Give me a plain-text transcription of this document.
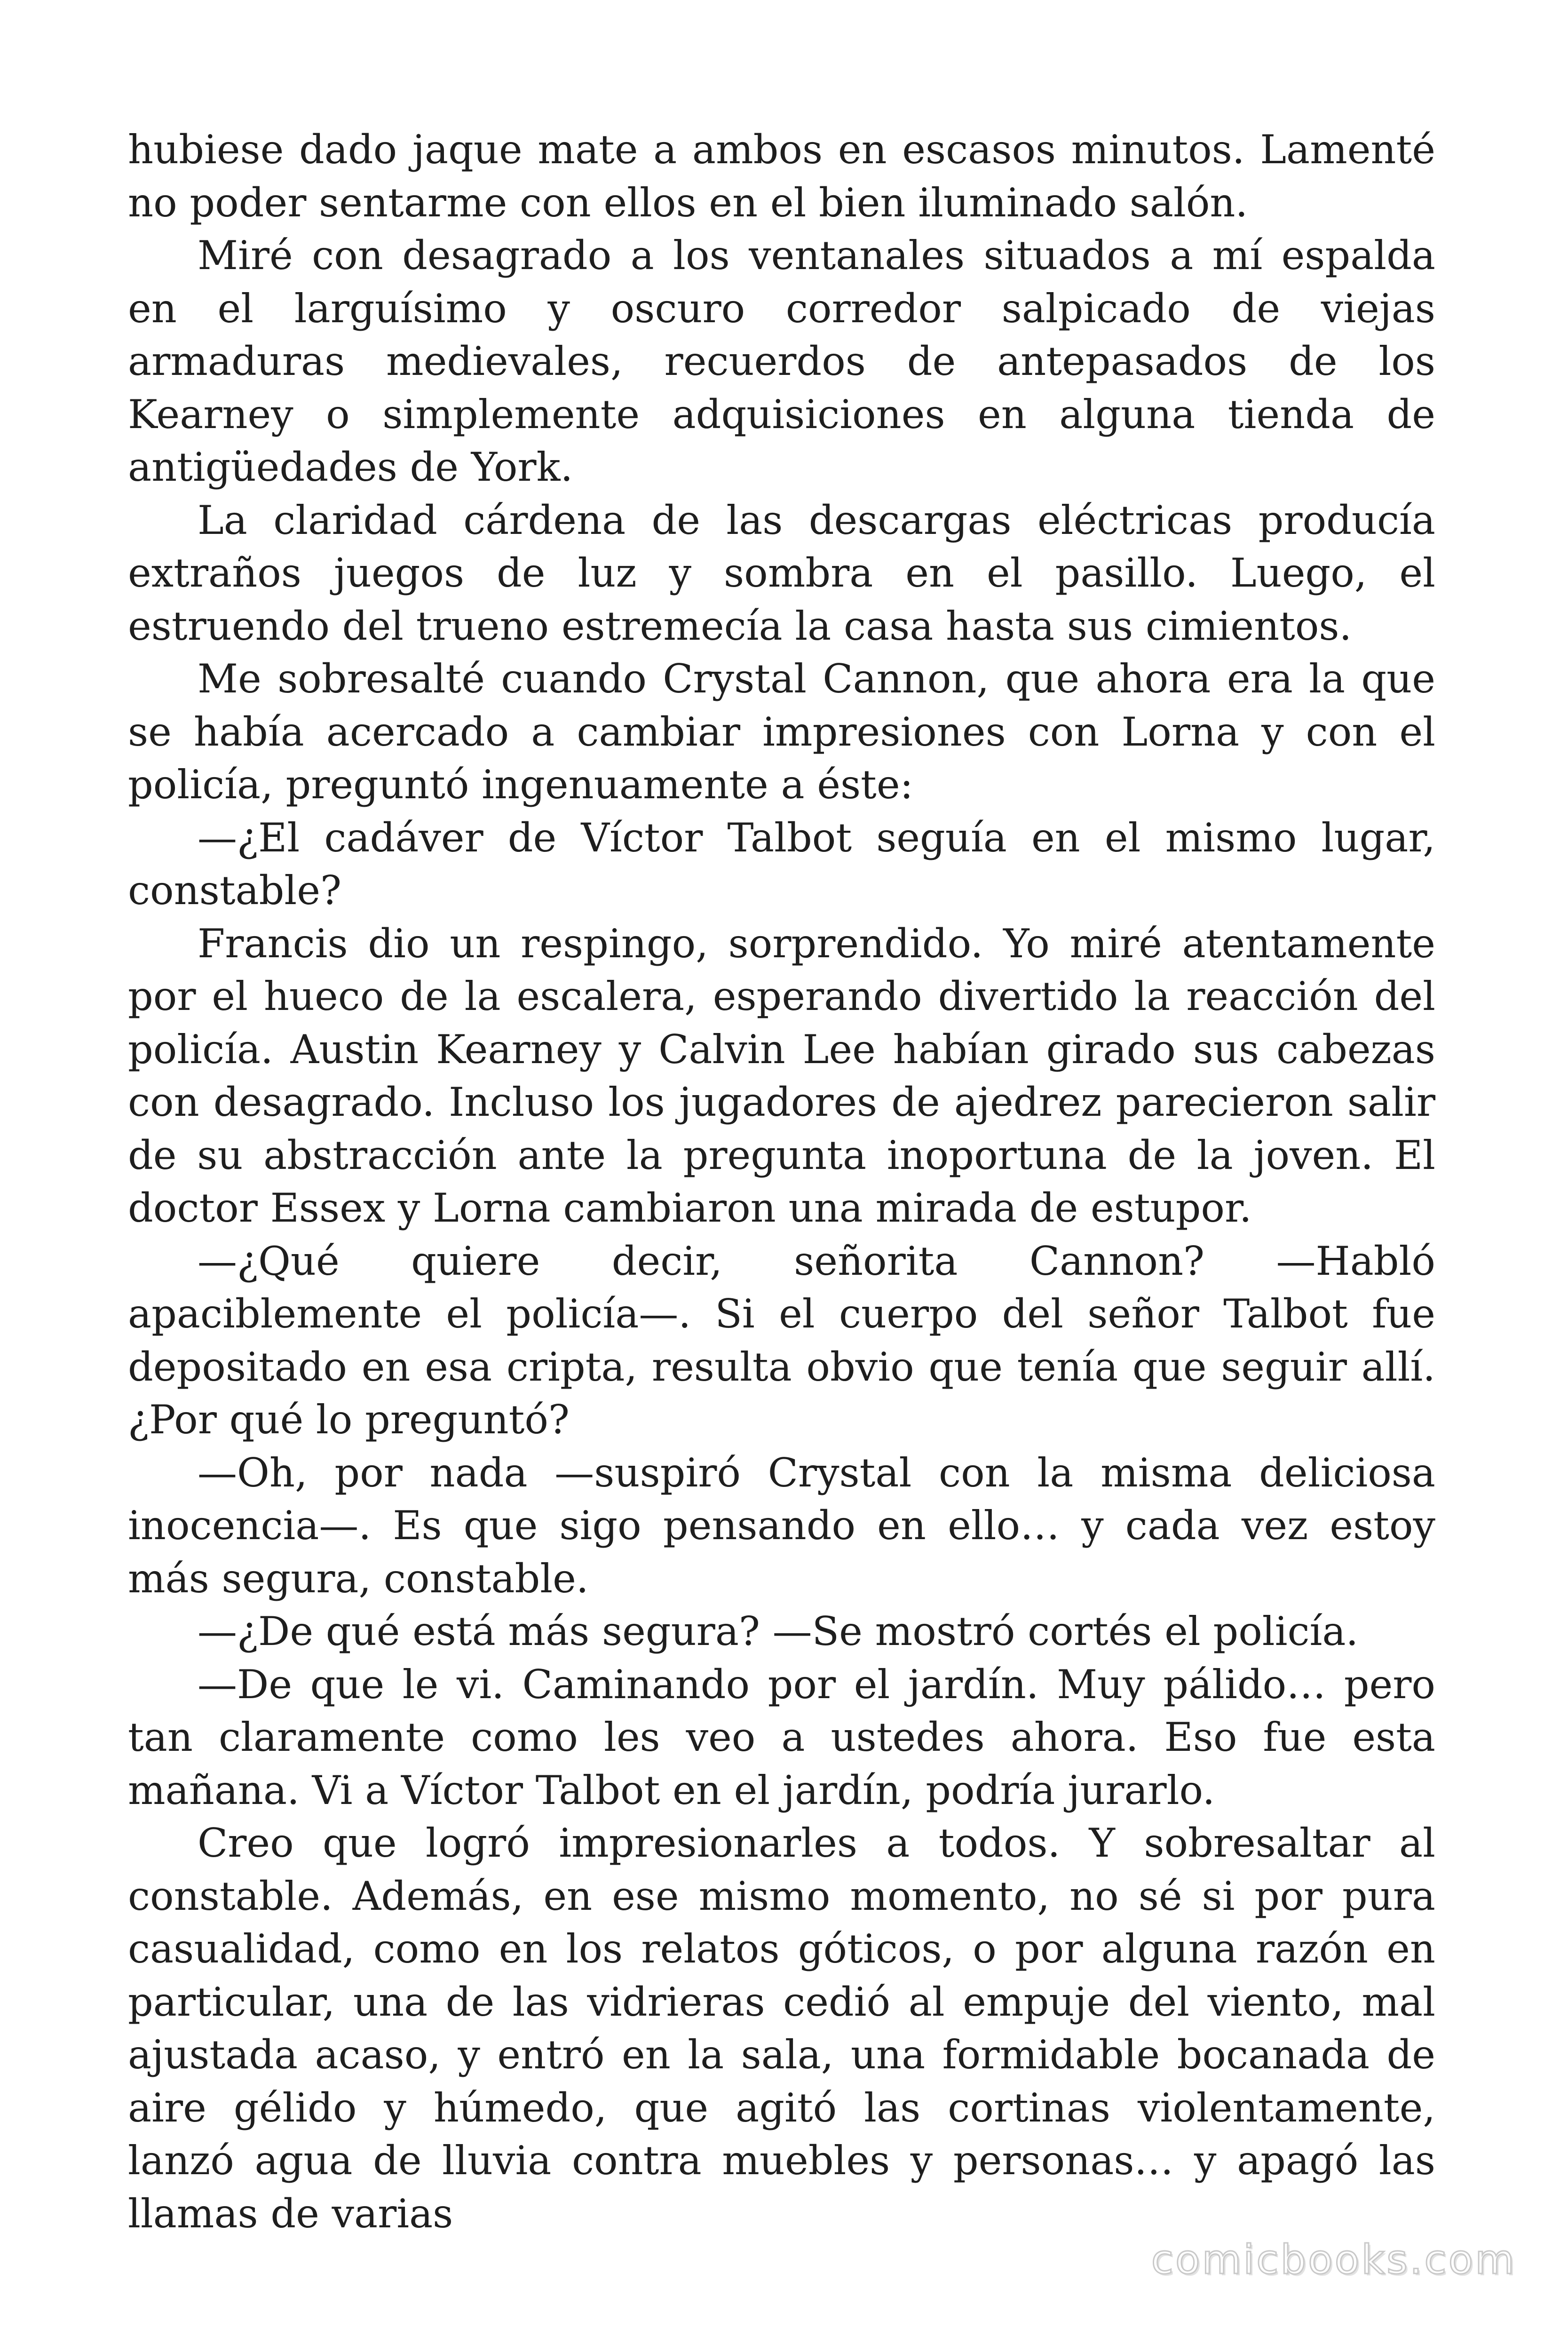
hubiese dado jaque mate a ambos en escasos minutos. Lamenté no poder sentarme con ellos en el bien iluminado salón.

Miré con desagrado a los ventanales situados a mí espalda en el larguísimo y oscuro corredor salpicado de viejas armaduras medievales, recuerdos de antepasados de los Kearney o simplemente adquisiciones en alguna tienda de antigüedades de York.

La claridad cárdena de las descargas eléctricas producía extraños juegos de luz y sombra en el pasillo. Luego, el estruendo del trueno estremecía la casa hasta sus cimientos.

Me sobresalté cuando Crystal Cannon, que ahora era la que se había acercado a cambiar impresiones con Lorna y con el policía, preguntó ingenuamente a éste:

—¿El cadáver de Víctor Talbot seguía en el mismo lugar, constable?

Francis dio un respingo, sorprendido. Yo miré atentamente por el hueco de la escalera, esperando divertido la reacción del policía. Austin Kearney y Calvin Lee habían girado sus cabezas con desagrado. Incluso los jugadores de ajedrez parecieron salir de su abstracción ante la pregunta inoportuna de la joven. El doctor Essex y Lorna cambiaron una mirada de estupor.

—¿Qué quiere decir, señorita Cannon? —Habló apaciblemente el policía—. Si el cuerpo del señor Talbot fue depositado en esa cripta, resulta obvio que tenía que seguir allí. ¿Por qué lo preguntó?

—Oh, por nada —suspiró Crystal con la misma deliciosa inocencia—. Es que sigo pensando en ello… y cada vez estoy más segura, constable.

—¿De qué está más segura? —Se mostró cortés el policía.

—De que le vi. Caminando por el jardín. Muy pálido… pero tan claramente como les veo a ustedes ahora. Eso fue esta mañana. Vi a Víctor Talbot en el jardín, podría jurarlo.

Creo que logró impresionarles a todos. Y sobresaltar al constable. Además, en ese mismo momento, no sé si por pura casualidad, como en los relatos góticos, o por alguna razón en particular, una de las vidrieras cedió al empuje del viento, mal ajustada acaso, y entró en la sala, una formidable bocanada de aire gélido y húmedo, que agitó las cortinas violentamente, lanzó agua de lluvia contra muebles y personas… y apagó las llamas de varias

comicbooks.com
